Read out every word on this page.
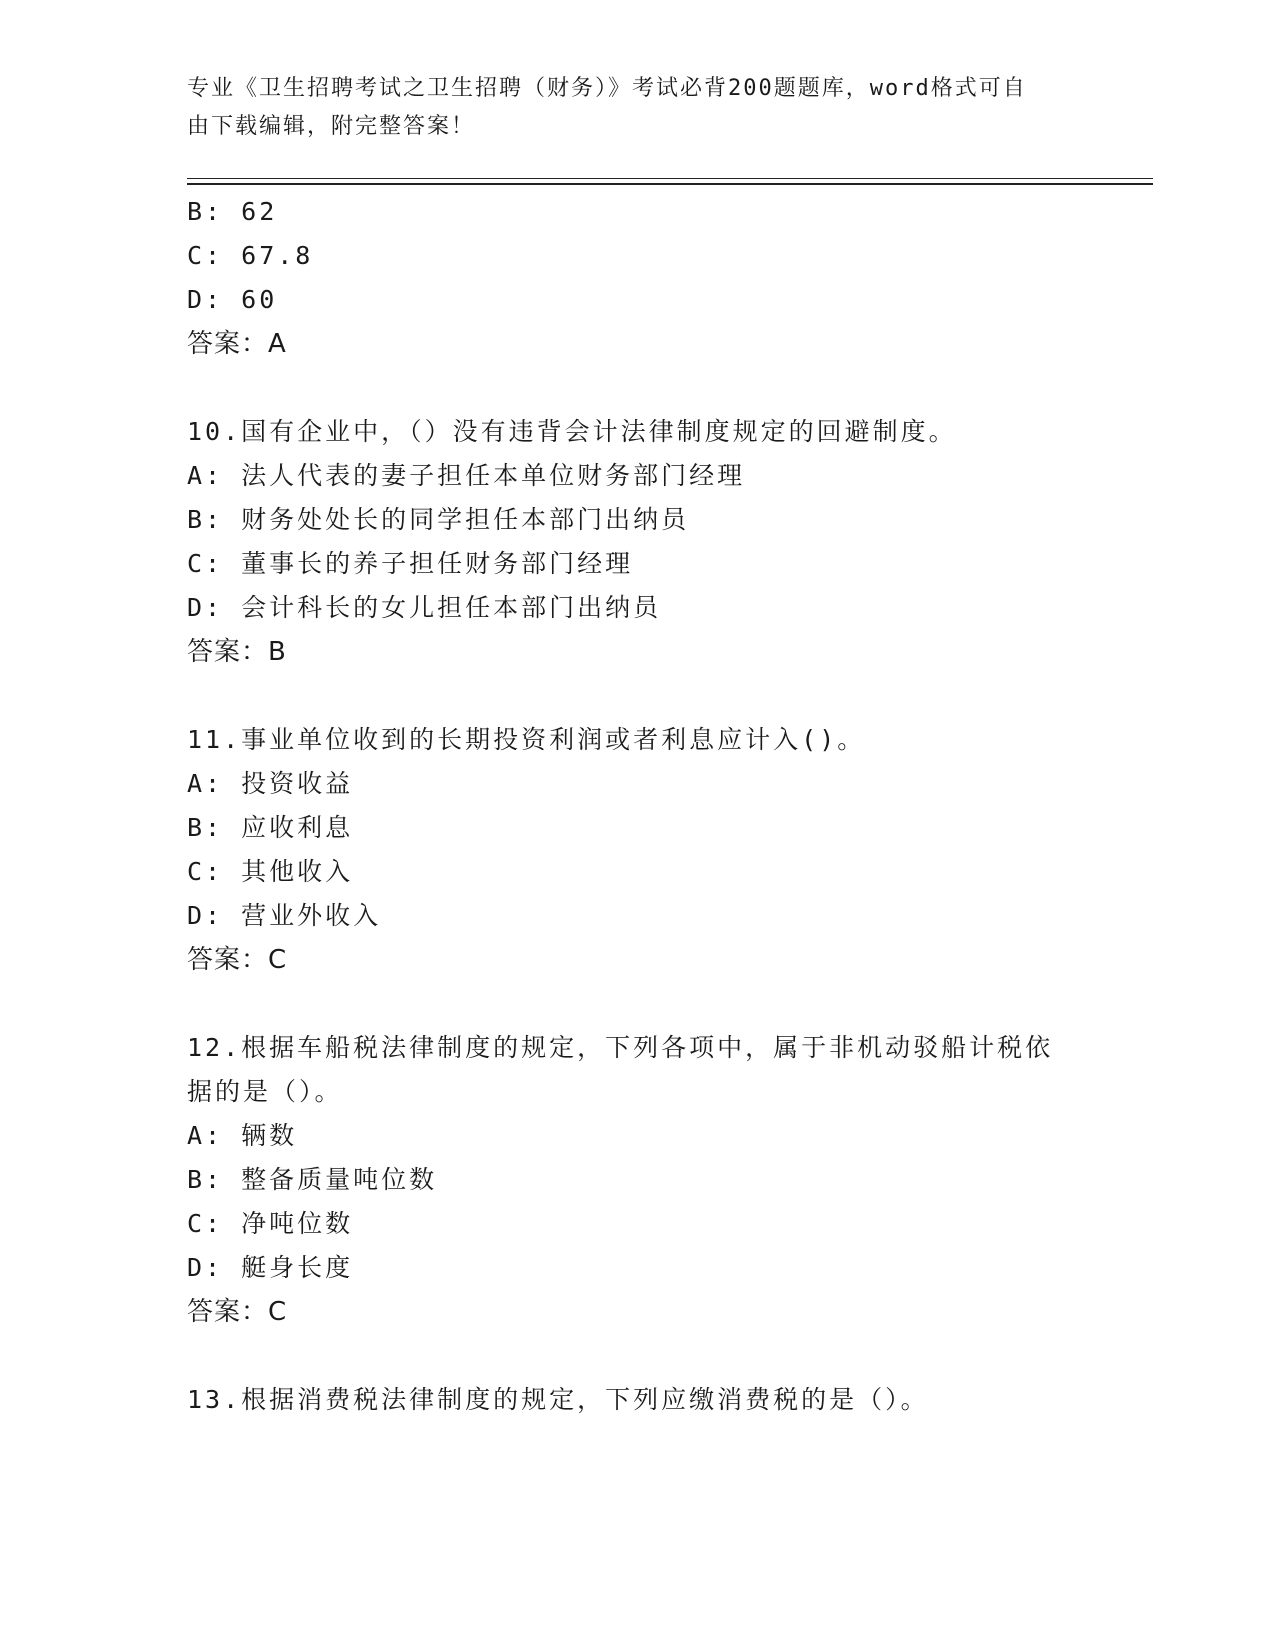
专业《卫生招聘考试之卫生招聘（财务）》考试必背200题题库，word格式可自
由下载编辑，附完整答案！

B: 62

C: 67.8

D: 60

答案：A

10.国有企业中，（）没有违背会计法律制度规定的回避制度。

A: 法人代表的妻子担任本单位财务部门经理

B: 财务处处长的同学担任本部门出纳员

C: 董事长的养子担任财务部门经理

D: 会计科长的女儿担任本部门出纳员

答案：B

11.事业单位收到的长期投资利润或者利息应计入()。

A: 投资收益

B: 应收利息

C: 其他收入

D: 营业外收入

答案：C

12.根据车船税法律制度的规定，下列各项中，属于非机动驳船计税依

据的是（）。

A: 辆数

B: 整备质量吨位数

C: 净吨位数

D: 艇身长度

答案：C

13.根据消费税法律制度的规定，下列应缴消费税的是（）。
